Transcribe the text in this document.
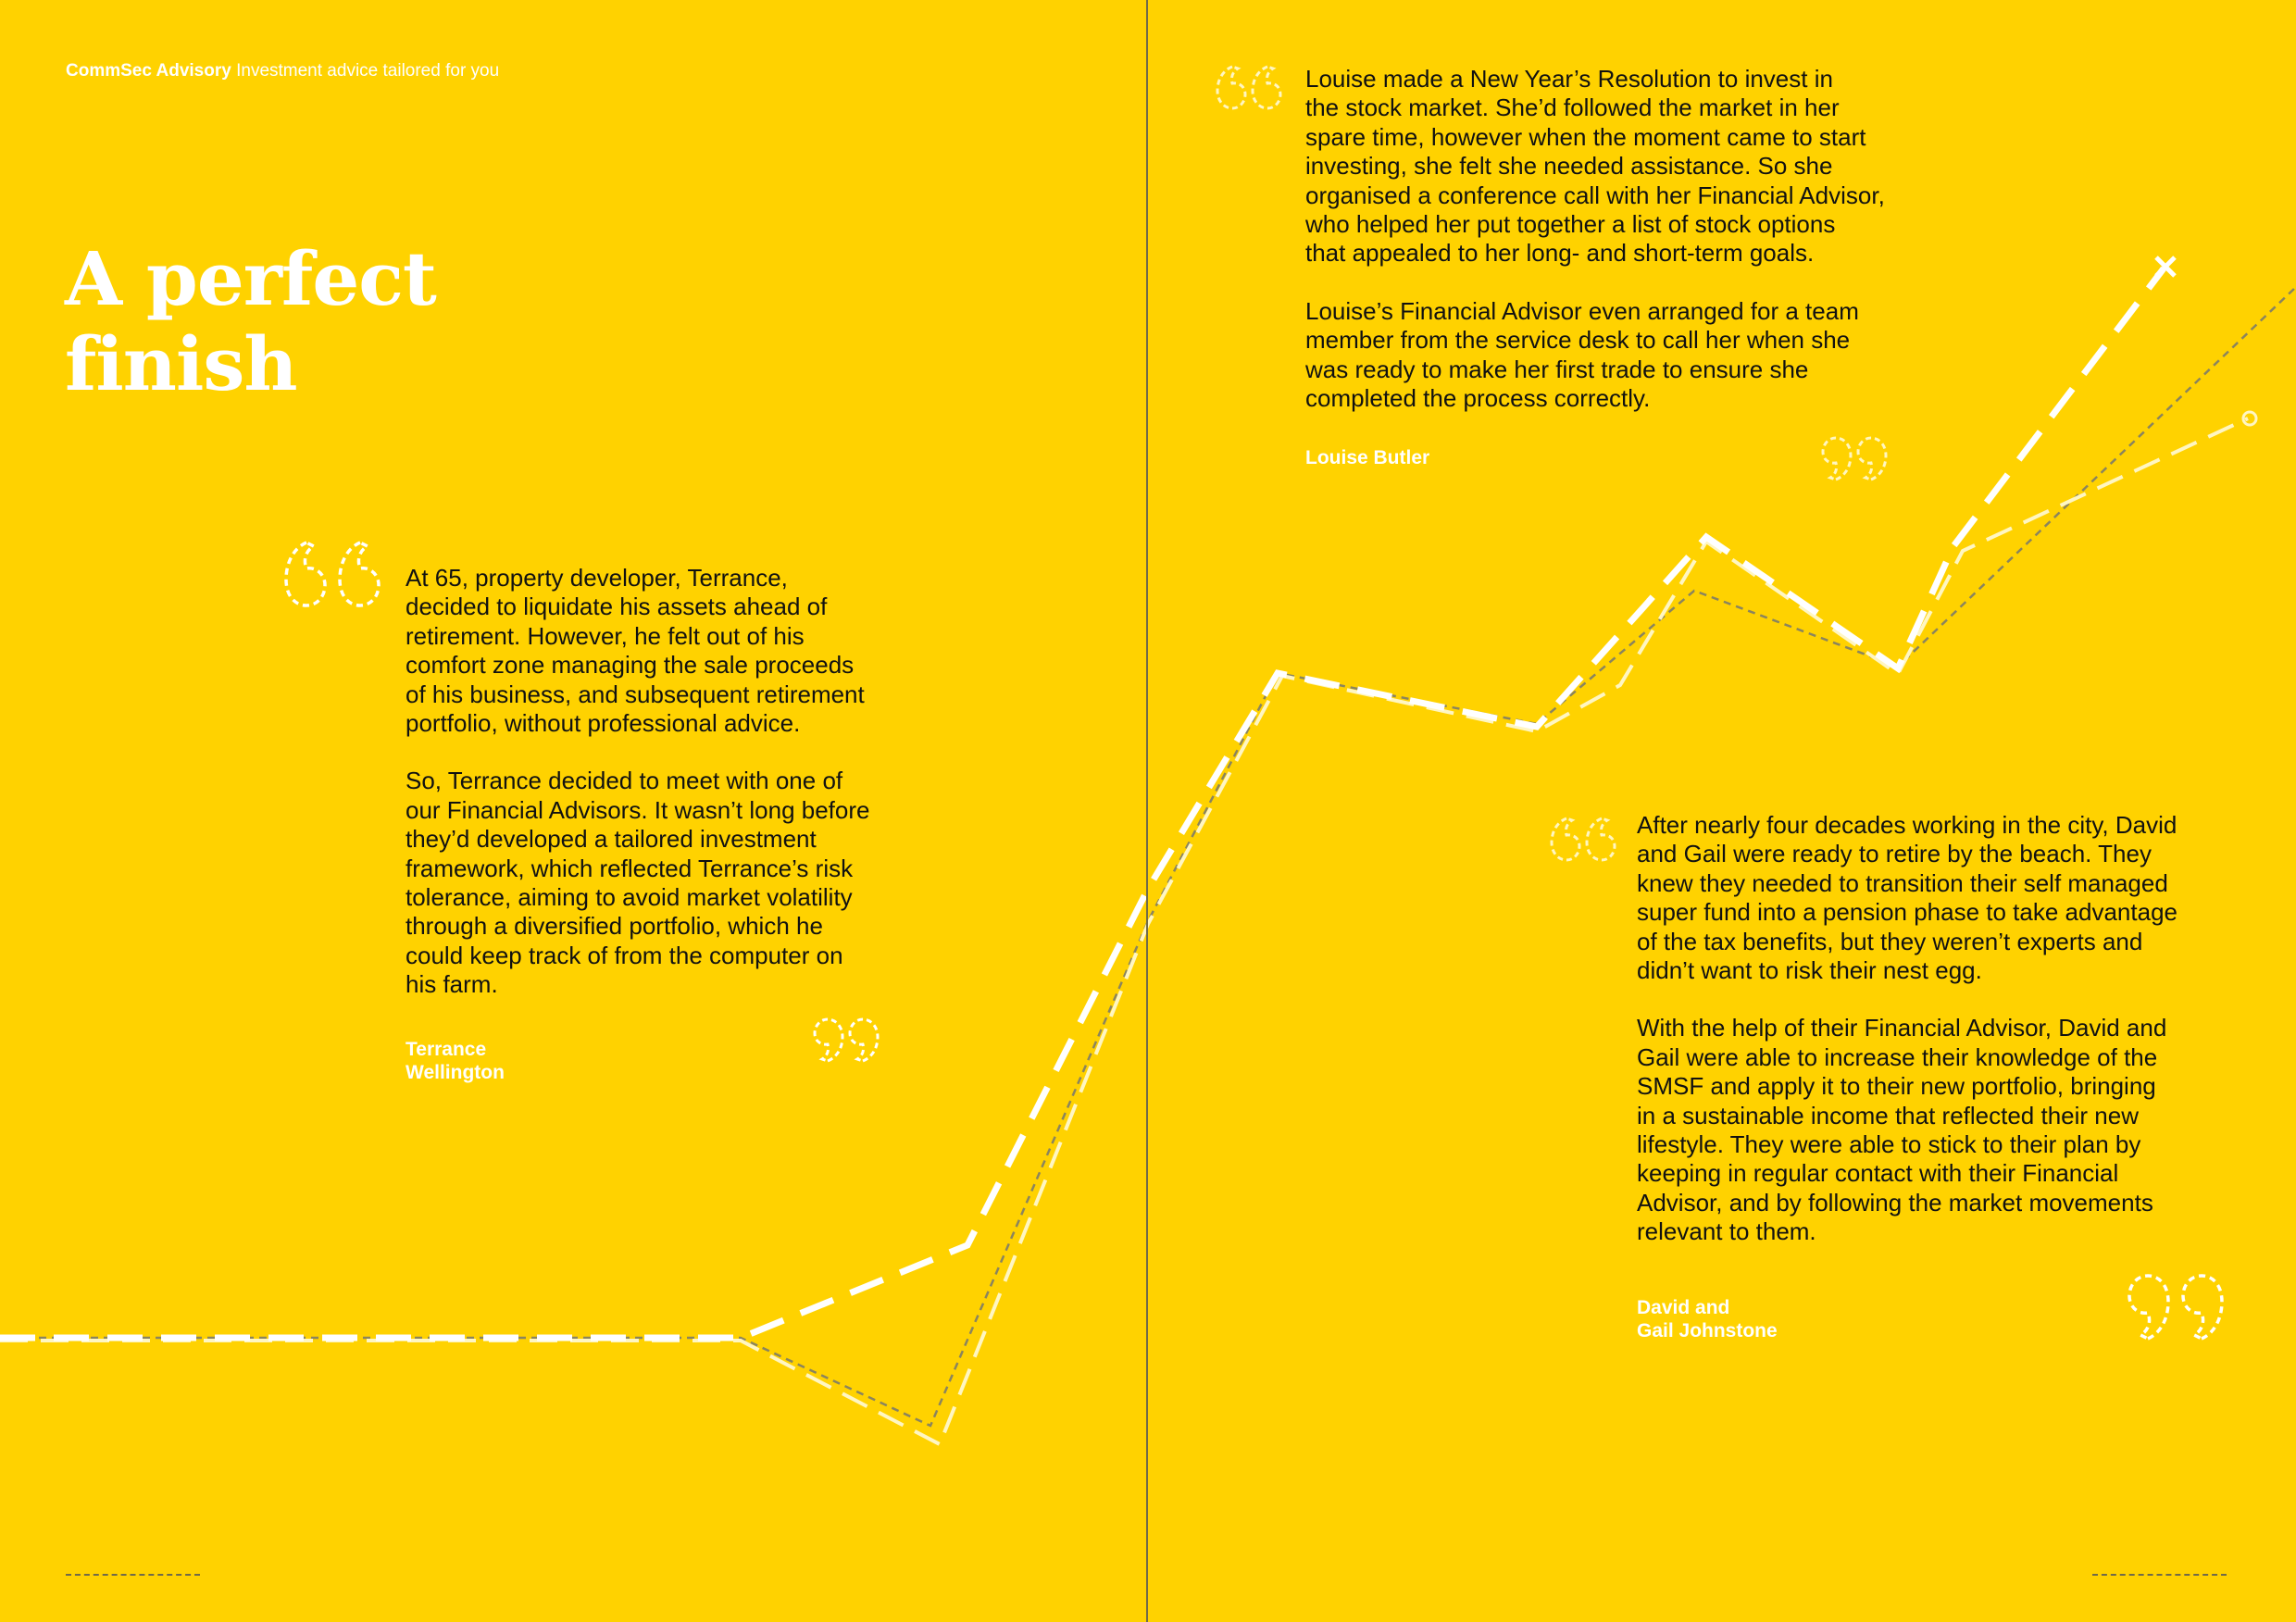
CommSec Advisory Investment advice tailored for you
A perfect
finish
At 65, property developer, Terrance,
decided to liquidate his assets ahead of
retirement. However, he felt out of his
comfort zone managing the sale proceeds
of his business, and subsequent retirement
portfolio, without professional advice.
So, Terrance decided to meet with one of
our Financial Advisors. It wasn’t long before
they’d developed a tailored investment
framework, which reflected Terrance’s risk
tolerance, aiming to avoid market volatility
through a diversified portfolio, which he
could keep track of from the computer on
his farm.
Terrance
Wellington
Louise made a New Year’s Resolution to invest in
the stock market. She’d followed the market in her
spare time, however when the moment came to start
investing, she felt she needed assistance. So she
organised a conference call with her Financial Advisor,
who helped her put together a list of stock options
that appealed to her long- and short-term goals.
Louise’s Financial Advisor even arranged for a team
member from the service desk to call her when she
was ready to make her first trade to ensure she
completed the process correctly.
Louise Butler
After nearly four decades working in the city, David
and Gail were ready to retire by the beach. They
knew they needed to transition their self managed
super fund into a pension phase to take advantage
of the tax benefits, but they weren’t experts and
didn’t want to risk their nest egg.
With the help of their Financial Advisor, David and
Gail were able to increase their knowledge of the
SMSF and apply it to their new portfolio, bringing
in a sustainable income that reflected their new
lifestyle. They were able to stick to their plan by
keeping in regular contact with their Financial
Advisor, and by following the market movements
relevant to them.
David and
Gail Johnstone
